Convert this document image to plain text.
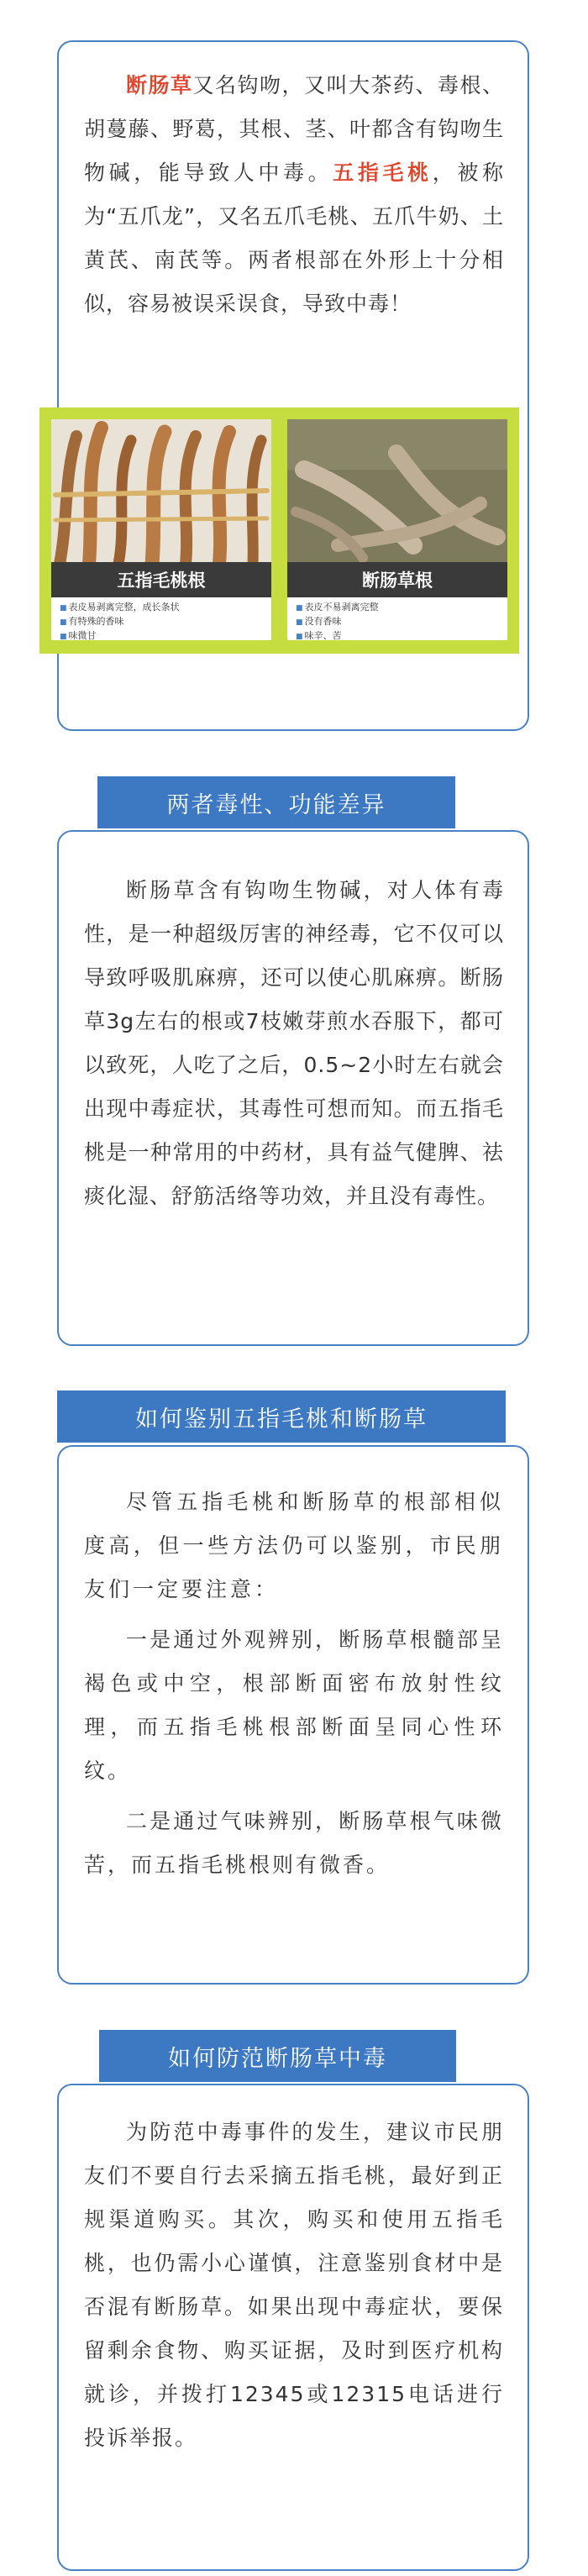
断肠草又名钩吻，又叫大茶药、毒根、胡蔓藤、野葛，其根、茎、叶都含有钩吻生物碱，能导致人中毒。五指毛桃，被称为“五爪龙”，又名五爪毛桃、五爪牛奶、土黄芪、南芪等。两者根部在外形上十分相似，容易被误采误食，导致中毒！

五指毛桃根
■ 表皮易剥离完整，成长条状
■ 有特殊的香味
■ 味微甘
断肠草根
■ 表皮不易剥离完整
■ 没有香味
■ 味辛、苦

断肠草含有钩吻生物碱，对人体有毒性，是一种超级厉害的神经毒，它不仅可以导致呼吸肌麻痹，还可以使心肌麻痹。断肠草3g左右的根或7枝嫩芽煎水吞服下，都可以致死，人吃了之后，0.5~2小时左右就会出现中毒症状，其毒性可想而知。而五指毛桃是一种常用的中药材，具有益气健脾、祛痰化湿、舒筋活络等功效，并且没有毒性。

两者毒性、功能差异

尽管五指毛桃和断肠草的根部相似度高，但一些方法仍可以鉴别，市民朋友们一定要注意：

一是通过外观辨别，断肠草根髓部呈褐色或中空，根部断面密布放射性纹理，而五指毛桃根部断面呈同心性环纹。

二是通过气味辨别，断肠草根气味微苦，而五指毛桃根则有微香。

如何鉴别五指毛桃和断肠草

为防范中毒事件的发生，建议市民朋友们不要自行去采摘五指毛桃，最好到正规渠道购买。其次，购买和使用五指毛桃，也仍需小心谨慎，注意鉴别食材中是否混有断肠草。如果出现中毒症状，要保留剩余食物、购买证据，及时到医疗机构就诊，并拨打12345或12315电话进行投诉举报。

如何防范断肠草中毒
